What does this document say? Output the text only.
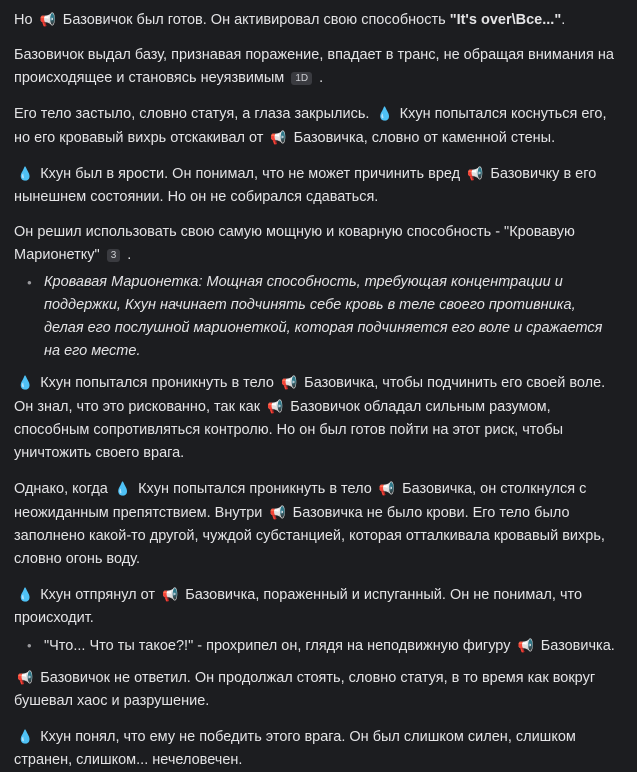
Но 📢 Базовичок был готов. Он активировал свою способность "It's over\Все...".

Базовичок выдал базу, признавая поражение, впадает в транс, не обращая внимания на происходящее и становясь неуязвимым 1D .

Его тело застыло, словно статуя, а глаза закрылись. 💧 Кхун попытался коснуться его, но его кровавый вихрь отскакивал от 📢 Базовичка, словно от каменной стены.

💧 Кхун был в ярости. Он понимал, что не может причинить вред 📢 Базовичку в его нынешнем состоянии. Но он не собирался сдаваться.

Он решил использовать свою самую мощную и коварную способность - "Кровавую Марионетку" 3 .

• Кровавая Марионетка: Мощная способность, требующая концентрации и поддержки, Кхун начинает подчинять себе кровь в теле своего противника, делая его послушной марионеткой, которая подчиняется его воле и сражается на его месте.

💧 Кхун попытался проникнуть в тело 📢 Базовичка, чтобы подчинить его своей воле. Он знал, что это рискованно, так как 📢 Базовичок обладал сильным разумом, способным сопротивляться контролю. Но он был готов пойти на этот риск, чтобы уничтожить своего врага.

Однако, когда 💧 Кхун попытался проникнуть в тело 📢 Базовичка, он столкнулся с неожиданным препятствием. Внутри 📢 Базовичка не было крови. Его тело было заполнено какой-то другой, чуждой субстанцией, которая отталкивала кровавый вихрь, словно огонь воду.

💧 Кхун отпрянул от 📢 Базовичка, пораженный и испуганный. Он не понимал, что происходит.

• "Что... Что ты такое?!" - прохрипел он, глядя на неподвижную фигуру 📢 Базовичка.

📢 Базовичок не ответил. Он продолжал стоять, словно статуя, в то время как вокруг бушевал хаос и разрушение.

💧 Кхун понял, что ему не победить этого врага. Он был слишком силен, слишком странен, слишком... нечеловечен.
